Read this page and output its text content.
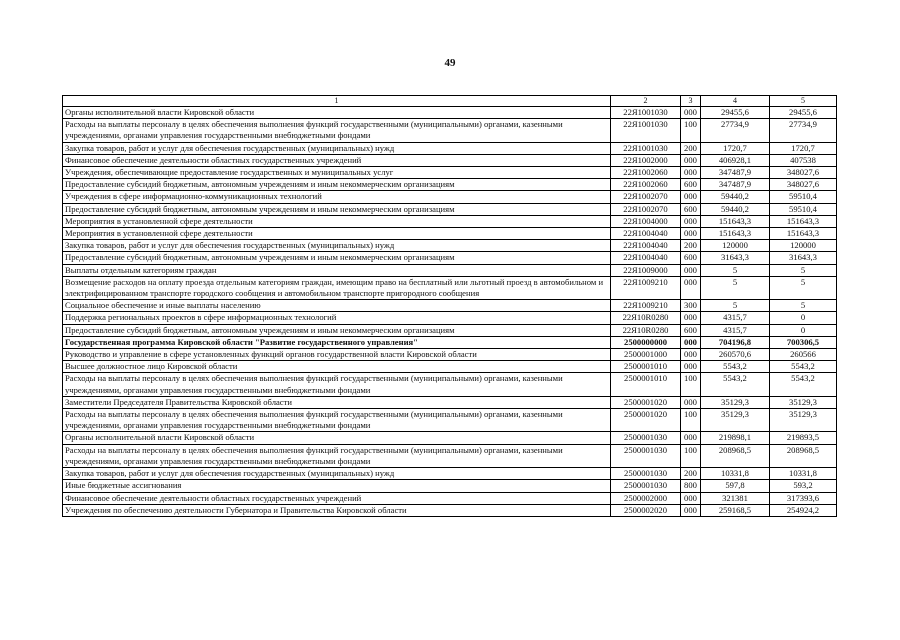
49
1	2	3	4	5
Органы исполнительной власти Кировской области	22Я1001030	000	29455,6	29455,6
Расходы на выплаты персоналу в целях обеспечения выполнения функций государственными (муниципальными) органами, казенными учреждениями, органами управления государственными внебюджетными фондами	22Я1001030	100	27734,9	27734,9
Закупка товаров, работ и услуг для обеспечения государственных (муниципальных) нужд	22Я1001030	200	1720,7	1720,7
Финансовое обеспечение деятельности областных государственных учреждений	22Я1002000	000	406928,1	407538
Учреждения, обеспечивающие предоставление государственных и муниципальных услуг	22Я1002060	000	347487,9	348027,6
Предоставление субсидий бюджетным, автономным учреждениям и иным некоммерческим организациям	22Я1002060	600	347487,9	348027,6
Учреждения в сфере информационно-коммуникационных технологий	22Я1002070	000	59440,2	59510,4
Предоставление субсидий бюджетным, автономным учреждениям и иным некоммерческим организациям	22Я1002070	600	59440,2	59510,4
Мероприятия в установленной сфере деятельности	22Я1004000	000	151643,3	151643,3
Мероприятия в установленной сфере деятельности	22Я1004040	000	151643,3	151643,3
Закупка товаров, работ и услуг для обеспечения государственных (муниципальных) нужд	22Я1004040	200	120000	120000
Предоставление субсидий бюджетным, автономным учреждениям и иным некоммерческим организациям	22Я1004040	600	31643,3	31643,3
Выплаты отдельным категориям граждан	22Я1009000	000	5	5
Возмещение расходов на оплату проезда отдельным категориям граждан, имеющим право на бесплатный или льготный проезд в автомобильном и электрифицированном транспорте городского сообщения и автомобильном транспорте пригородного сообщения	22Я1009210	000	5	5
Социальное обеспечение и иные выплаты населению	22Я1009210	300	5	5
Поддержка региональных проектов в сфере информационных технологий	22Я10R0280	000	4315,7	0
Предоставление субсидий бюджетным, автономным учреждениям и иным некоммерческим организациям	22Я10R0280	600	4315,7	0
Государственная программа Кировской области "Развитие государственного управления"	2500000000	000	704196,8	700306,5
Руководство и управление в сфере установленных функций органов государственной власти Кировской области	2500001000	000	260570,6	260566
Высшее должностное лицо Кировской области	2500001010	000	5543,2	5543,2
Расходы на выплаты персоналу в целях обеспечения выполнения функций государственными (муниципальными) органами, казенными учреждениями, органами управления государственными внебюджетными фондами	2500001010	100	5543,2	5543,2
Заместители Председателя Правительства Кировской области	2500001020	000	35129,3	35129,3
Расходы на выплаты персоналу в целях обеспечения выполнения функций государственными (муниципальными) органами, казенными учреждениями, органами управления государственными внебюджетными фондами	2500001020	100	35129,3	35129,3
Органы исполнительной власти Кировской области	2500001030	000	219898,1	219893,5
Расходы на выплаты персоналу в целях обеспечения выполнения функций государственными (муниципальными) органами, казенными учреждениями, органами управления государственными внебюджетными фондами	2500001030	100	208968,5	208968,5
Закупка товаров, работ и услуг для обеспечения государственных (муниципальных) нужд	2500001030	200	10331,8	10331,8
Иные бюджетные ассигнования	2500001030	800	597,8	593,2
Финансовое обеспечение деятельности областных государственных учреждений	2500002000	000	321381	317393,6
Учреждения по обеспечению деятельности Губернатора и Правительства Кировской области	2500002020	000	259168,5	254924,2
